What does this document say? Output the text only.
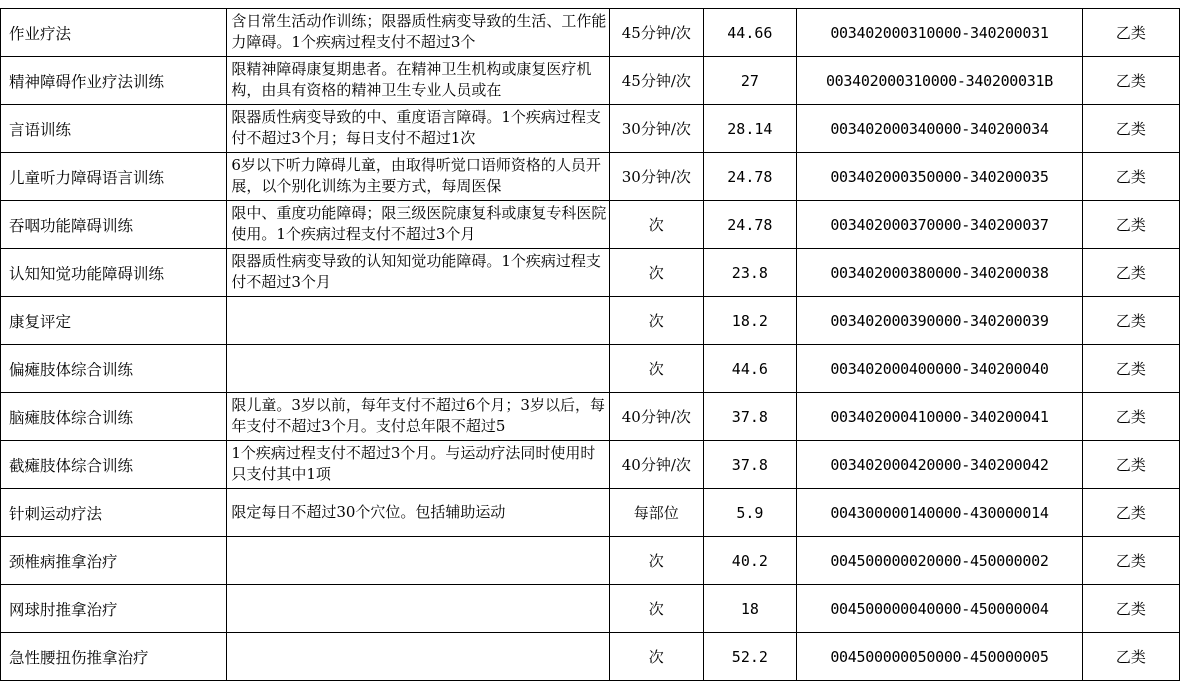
作业疗法	含日常生活动作训练；限器质性病变导致的生活、工作能力障碍。1个疾病过程支付不超过3个	45分钟/次	44.66	003402000310000-340200031	乙类
精神障碍作业疗法训练	限精神障碍康复期患者。在精神卫生机构或康复医疗机构，由具有资格的精神卫生专业人员或在	45分钟/次	27	003402000310000-340200031B	乙类
言语训练	限器质性病变导致的中、重度语言障碍。1个疾病过程支付不超过3个月；每日支付不超过1次	30分钟/次	28.14	003402000340000-340200034	乙类
儿童听力障碍语言训练	6岁以下听力障碍儿童，由取得听觉口语师资格的人员开展，以个别化训练为主要方式，每周医保	30分钟/次	24.78	003402000350000-340200035	乙类
吞咽功能障碍训练	限中、重度功能障碍；限三级医院康复科或康复专科医院使用。1个疾病过程支付不超过3个月	次	24.78	003402000370000-340200037	乙类
认知知觉功能障碍训练	限器质性病变导致的认知知觉功能障碍。1个疾病过程支付不超过3个月	次	23.8	003402000380000-340200038	乙类
康复评定		次	18.2	003402000390000-340200039	乙类
偏瘫肢体综合训练		次	44.6	003402000400000-340200040	乙类
脑瘫肢体综合训练	限儿童。3岁以前，每年支付不超过6个月；3岁以后，每年支付不超过3个月。支付总年限不超过5	40分钟/次	37.8	003402000410000-340200041	乙类
截瘫肢体综合训练	1个疾病过程支付不超过3个月。与运动疗法同时使用时只支付其中1项	40分钟/次	37.8	003402000420000-340200042	乙类
针刺运动疗法	限定每日不超过30个穴位。包括辅助运动	每部位	5.9	004300000140000-430000014	乙类
颈椎病推拿治疗		次	40.2	004500000020000-450000002	乙类
网球肘推拿治疗		次	18	004500000040000-450000004	乙类
急性腰扭伤推拿治疗		次	52.2	004500000050000-450000005	乙类
